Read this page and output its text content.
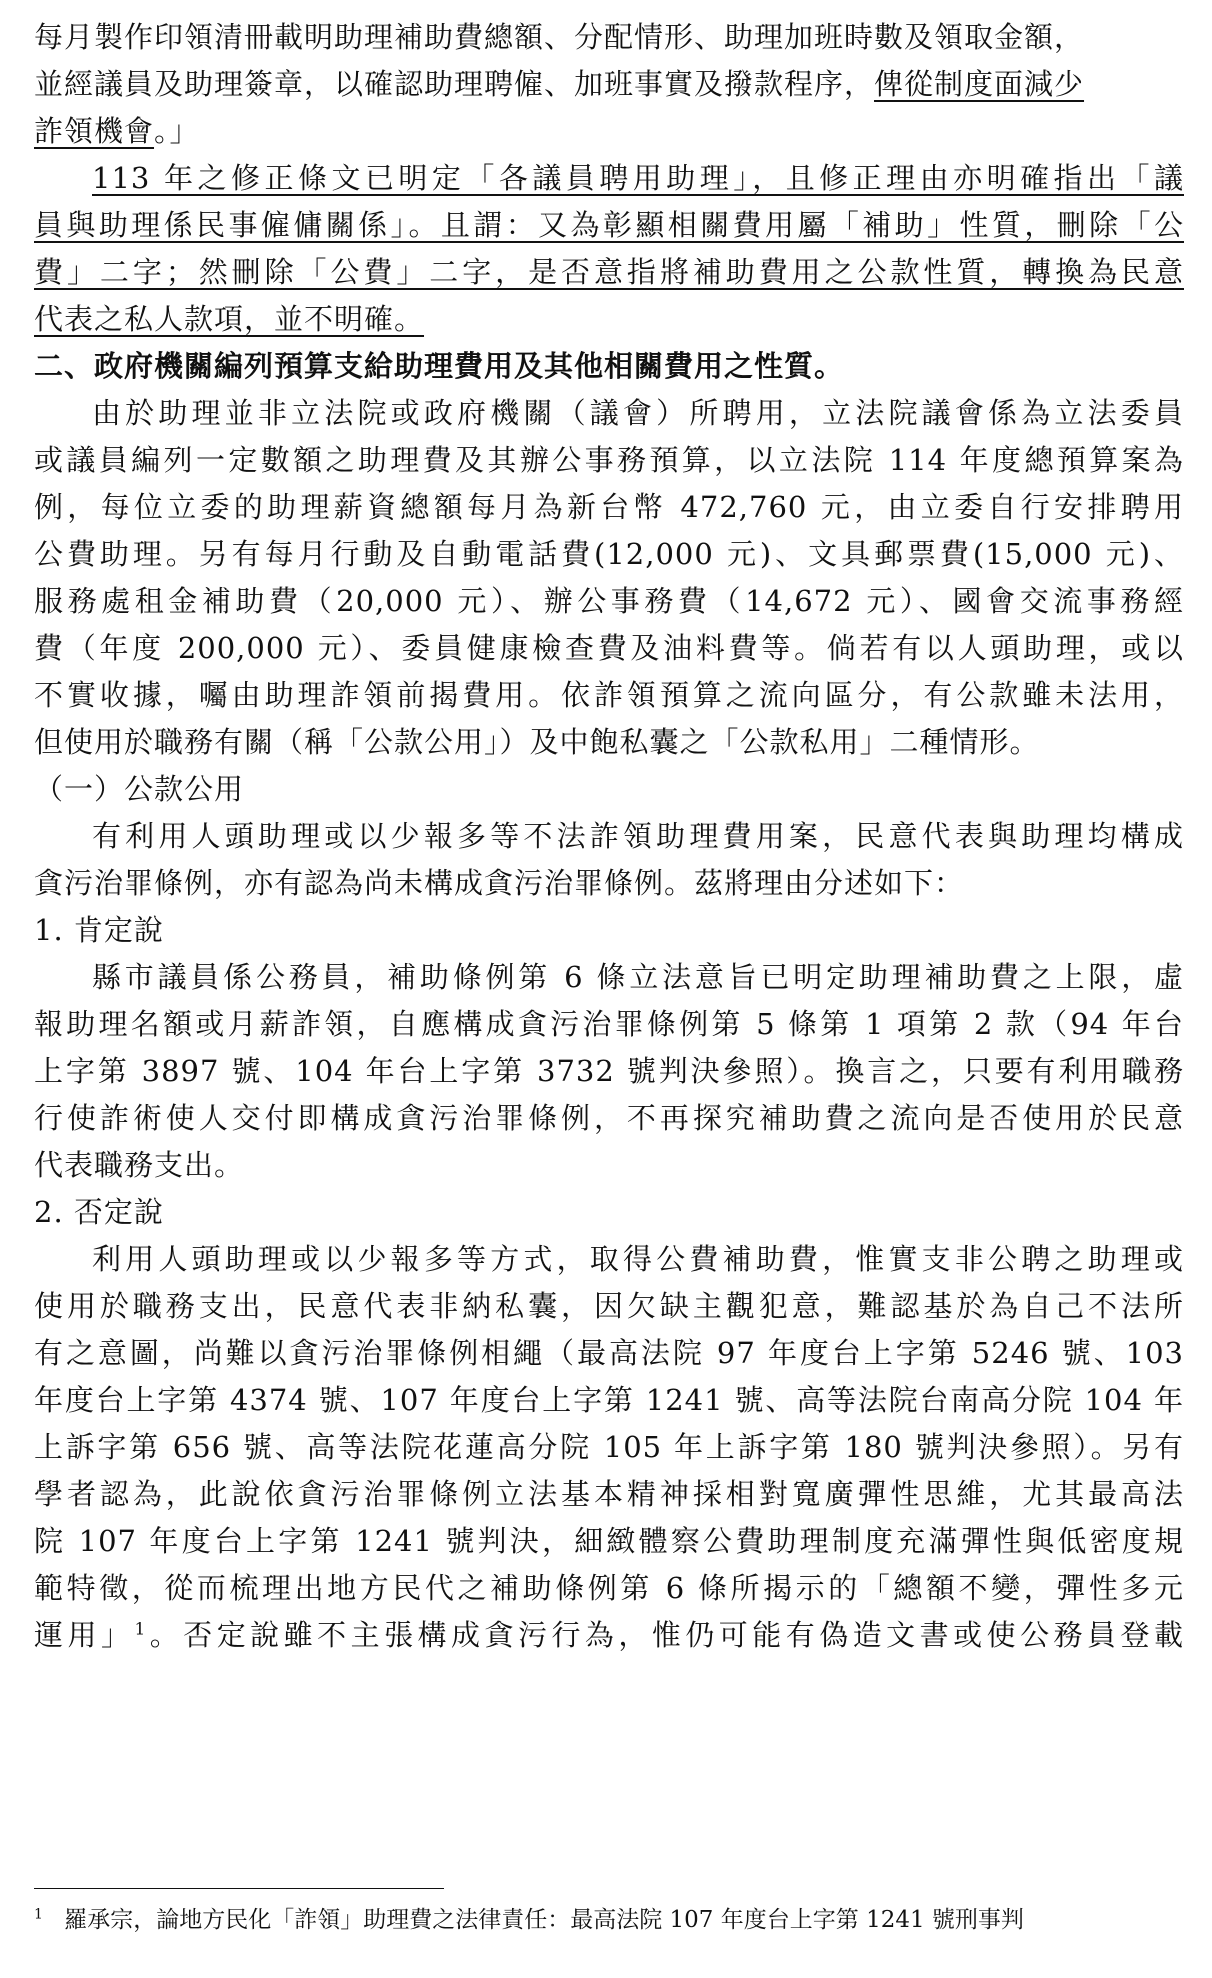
每月製作印領清冊載明助理補助費總額、分配情形、助理加班時數及領取金額，
並經議員及助理簽章，以確認助理聘僱、加班事實及撥款程序，俾從制度面減少
詐領機會。」
113 年之修正條文已明定「各議員聘用助理」，且修正理由亦明確指出「議
員與助理係民事僱傭關係」。且謂：又為彰顯相關費用屬「補助」性質，刪除「公
費」二字；然刪除「公費」二字，是否意指將補助費用之公款性質，轉換為民意
代表之私人款項，並不明確。
二、政府機關編列預算支給助理費用及其他相關費用之性質。
由於助理並非立法院或政府機關（議會）所聘用，立法院議會係為立法委員
或議員編列一定數額之助理費及其辦公事務預算，以立法院 114 年度總預算案為
例，每位立委的助理薪資總額每月為新台幣 472,760 元，由立委自行安排聘用
公費助理。另有每月行動及自動電話費(12,000 元)、文具郵票費(15,000 元)、
服務處租金補助費（20,000 元）、辦公事務費（14,672 元）、國會交流事務經
費（年度 200,000 元）、委員健康檢查費及油料費等。倘若有以人頭助理，或以
不實收據，囑由助理詐領前揭費用。依詐領預算之流向區分，有公款雖未法用，
但使用於職務有關（稱「公款公用」）及中飽私囊之「公款私用」二種情形。
（一）公款公用
有利用人頭助理或以少報多等不法詐領助理費用案，民意代表與助理均構成
貪污治罪條例，亦有認為尚未構成貪污治罪條例。茲將理由分述如下：
1. 肯定說
縣市議員係公務員，補助條例第 6 條立法意旨已明定助理補助費之上限，虛
報助理名額或月薪詐領，自應構成貪污治罪條例第 5 條第 1 項第 2 款（94 年台
上字第 3897 號、104 年台上字第 3732 號判決參照）。換言之，只要有利用職務
行使詐術使人交付即構成貪污治罪條例，不再探究補助費之流向是否使用於民意
代表職務支出。
2. 否定說
利用人頭助理或以少報多等方式，取得公費補助費，惟實支非公聘之助理或
使用於職務支出，民意代表非納私囊，因欠缺主觀犯意，難認基於為自己不法所
有之意圖，尚難以貪污治罪條例相繩（最高法院 97 年度台上字第 5246 號、103
年度台上字第 4374 號、107 年度台上字第 1241 號、高等法院台南高分院 104 年
上訴字第 656 號、高等法院花蓮高分院 105 年上訴字第 180 號判決參照）。另有
學者認為，此說依貪污治罪條例立法基本精神採相對寬廣彈性思維，尤其最高法
院 107 年度台上字第 1241 號判決，細緻體察公費助理制度充滿彈性與低密度規
範特徵，從而梳理出地方民代之補助條例第 6 條所揭示的「總額不變，彈性多元
運用」$^1$。否定說雖不主張構成貪污行為，惟仍可能有偽造文書或使公務員登載
$^1$ 羅承宗，論地方民化「詐領」助理費之法律責任：最高法院 107 年度台上字第 1241 號刑事判
